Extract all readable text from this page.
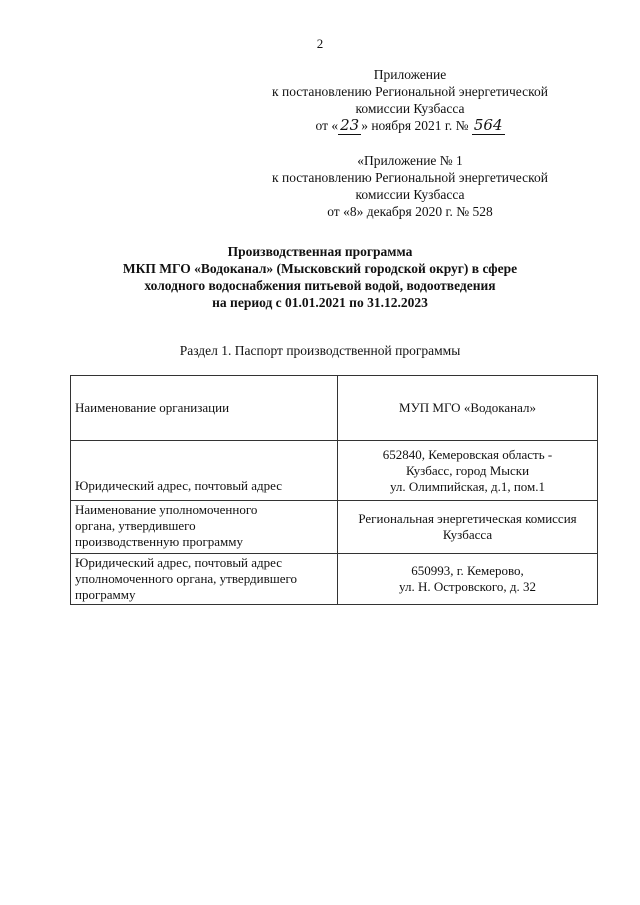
2
Приложение
к постановлению Региональной энергетической
комиссии Кузбасса
от « 23 » ноября 2021 г. № 564
«Приложение № 1
к постановлению Региональной энергетической
комиссии Кузбасса
от «8» декабря 2020 г. № 528
Производственная программа
МКП МГО «Водоканал» (Мысковский городской округ) в сфере
холодного водоснабжения питьевой водой, водоотведения
на период с 01.01.2021 по 31.12.2023
Раздел 1. Паспорт производственной программы
Наименование организации	МУП МГО «Водоканал»

Юридический адрес, почтовый адрес	652840, Кемеровская область -
Кузбасс, город Мыски
ул. Олимпийская, д.1, пом.1

Наименование уполномоченного
органа, утвердившего
производственную программу	Региональная энергетическая комиссия
Кузбасса

Юридический адрес, почтовый адрес
уполномоченного органа, утвердившего
программу	650993, г. Кемерово,
ул. Н. Островского, д. 32
